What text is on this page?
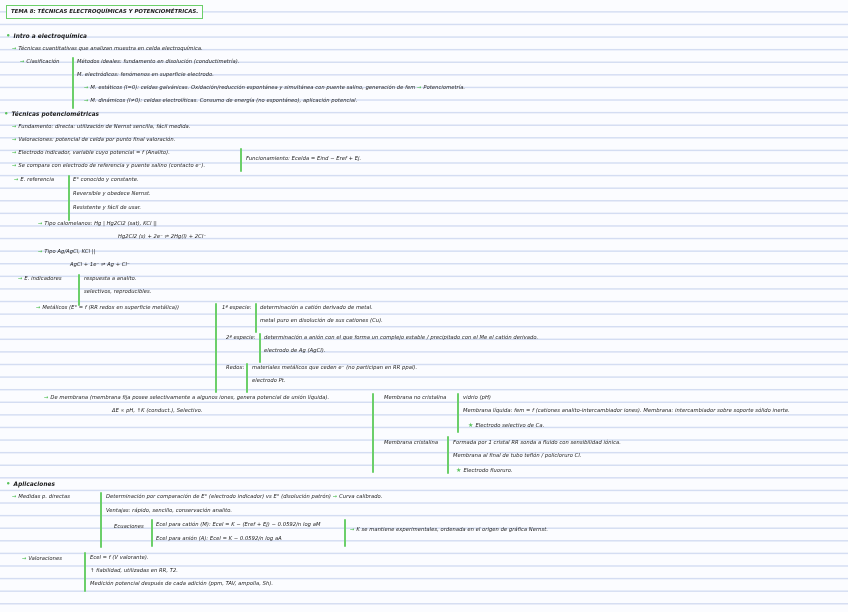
TEMA 8: TÉCNICAS ELECTROQUÍMICAS Y POTENCIOMÉTRICAS.
• Intro a electroquímica
→ Técnicas cuantitativas que analizan muestra en celda electroquímica.
→ Clasificación	Métodos ideales: fundamento en disolución (conductimetría).
M. electródicos: fenómenos en superficie electrodo.
→ M. estáticos (I=0): celdas galvánicas. Oxidación/reducción espontánea y simultánea con puente salino, generación de fem → Potenciometría.
→ M. dinámicos (I≠0): celdas electrolíticas. Consumo de energía (no espontáneo), aplicación potencial.
• Técnicas potenciométricas
→ Fundamento: directa: utilización de Nernst sencilla, fácil medida.
→ Valoraciones: potencial de celda por punto final valoración.
→ Electrodo indicador, variable cuyo potencial = f (Analito).
Funcionamiento: Ecelda = Eind − Eref + Ej.
→ Se compara con electrodo de referencia y puente salino (contacto e⁻).
→ E. referencia	E° conocido y constante.
Reversible y obedece Nernst.
Resistente y fácil de usar.
→ Tipo calomelanos: Hg | Hg2Cl2 (sat), KCl ||
Hg2Cl2 (s) + 2e⁻ ⇌ 2Hg(l) + 2Cl⁻
→ Tipo Ag/AgCl, KCl ||
AgCl + 1e⁻ ⇌ Ag + Cl⁻
→ E. indicadores	respuesta a analito.
selectivos, reproducibles.
→ Metálicos (E° = f (RR redox en superficie metálica))	1ª especie: determinación a catión derivado de metal.
metal puro en disolución de sus cationes (Cu).
2ª especie: determinación a anión con el que forma un complejo estable / precipitado con el Me el catión derivado.
electrodo de Ag (AgCl).
Redox: materiales metálicos que ceden e⁻ (no participan en RR ppal).
electrodo Pt.
→ De membrana (membrana fija posee selectivamente a algunos iones, genera potencial de unión líquida).
ΔE ∝ pH, ↑K (conduct.), Selectivo.
Membrana no cristalina	vidrio (pH)
Membrana líquida: fem = f (cationes analito-intercambiador iones). Membrana: intercambiador sobre soporte sólido inerte.
★ Electrodo selectivo de Ca.
Membrana cristalina	Formada por 1 cristal RR sonda a fluido con sensibilidad iónica.
Membrana al final de tubo teflón / policloruro Cl.
★ Electrodo fluoruro.
• Aplicaciones
→ Medidas p. directas	Determinación por comparación de E° (electrodo indicador) vs E° (disolución patrón) → Curva calibrado.
Ventajas: rápido, sencillo, conservación analito.
Ecuaciones Ecel para catión (M): Ecel = K − (Eref + Ej) − 0.0592/n log aM
Ecel para anión (A): Ecel = K − 0.0592/n log aA
→ K se mantiene experimentales, ordenada en el origen de gráfica Nernst.
→ Valoraciones	Ecel = f (V valorante).
↑ fiabilidad, utilizadas en RR, T2.
Medición potencial después de cada adición (ppm, TAV, ampolla, Sh).
